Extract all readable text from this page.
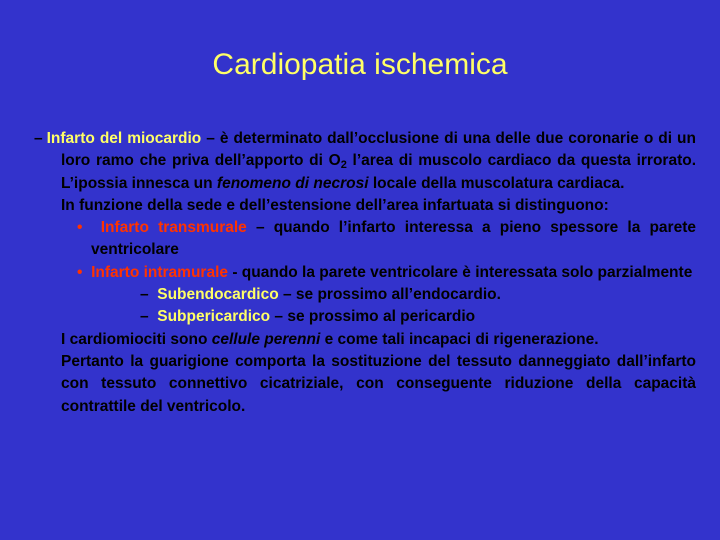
Cardiopatia ischemica

– Infarto del miocardio – è determinato dall’occlusione di una delle due coronarie o di un loro ramo che priva dell’apporto di $O_2$ l’area di muscolo cardiaco da questa irrorato. L’ipossia innesca un fenomeno di necrosi locale della muscolatura cardiaca.

In funzione della sede e dell’estensione dell’area infartuata si distinguono:

• Infarto transmurale – quando l’infarto interessa a pieno spessore la parete ventricolare

• Infarto intramurale - quando la parete ventricolare è interessata solo parzialmente

– Subendocardico – se prossimo all’endocardio.

– Subpericardico – se prossimo al pericardio

I cardiomiociti sono cellule perenni e come tali incapaci di rigenerazione.

Pertanto la guarigione comporta la sostituzione del tessuto danneggiato dall’infarto con tessuto connettivo cicatriziale, con conseguente riduzione della capacità contrattile del ventricolo.
